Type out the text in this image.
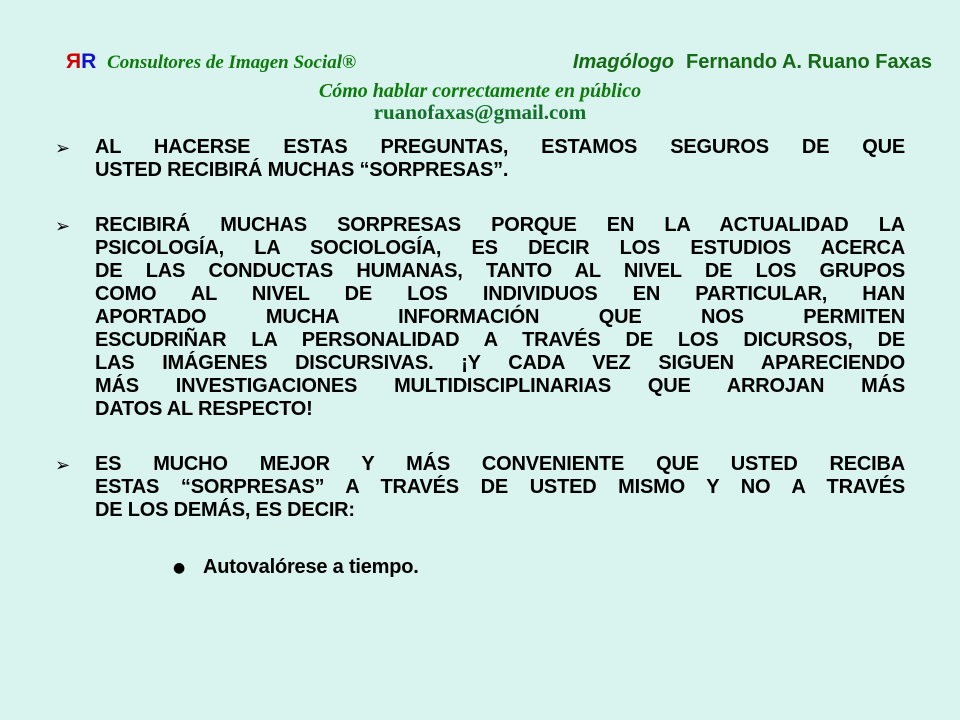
ЯR Consultores de Imagen Social®	Imagólogo Fernando A. Ruano Faxas
Cómo hablar correctamente en público
ruanofaxas@gmail.com
➢ AL HACERSE ESTAS PREGUNTAS, ESTAMOS SEGUROS DE QUE
USTED RECIBIRÁ MUCHAS “SORPRESAS”.
➢ RECIBIRÁ MUCHAS SORPRESAS PORQUE EN LA ACTUALIDAD LA
PSICOLOGÍA, LA SOCIOLOGÍA, ES DECIR LOS ESTUDIOS ACERCA
DE LAS CONDUCTAS HUMANAS, TANTO AL NIVEL DE LOS GRUPOS
COMO AL NIVEL DE LOS INDIVIDUOS EN PARTICULAR, HAN
APORTADO MUCHA INFORMACIÓN QUE NOS PERMITEN
ESCUDRIÑAR LA PERSONALIDAD A TRAVÉS DE LOS DICURSOS, DE
LAS IMÁGENES DISCURSIVAS. ¡Y CADA VEZ SIGUEN APARECIENDO
MÁS INVESTIGACIONES MULTIDISCIPLINARIAS QUE ARROJAN MÁS
DATOS AL RESPECTO!
➢ ES MUCHO MEJOR Y MÁS CONVENIENTE QUE USTED RECIBA
ESTAS “SORPRESAS” A TRAVÉS DE USTED MISMO Y NO A TRAVÉS
DE LOS DEMÁS, ES DECIR:
● Autovalórese a tiempo.
